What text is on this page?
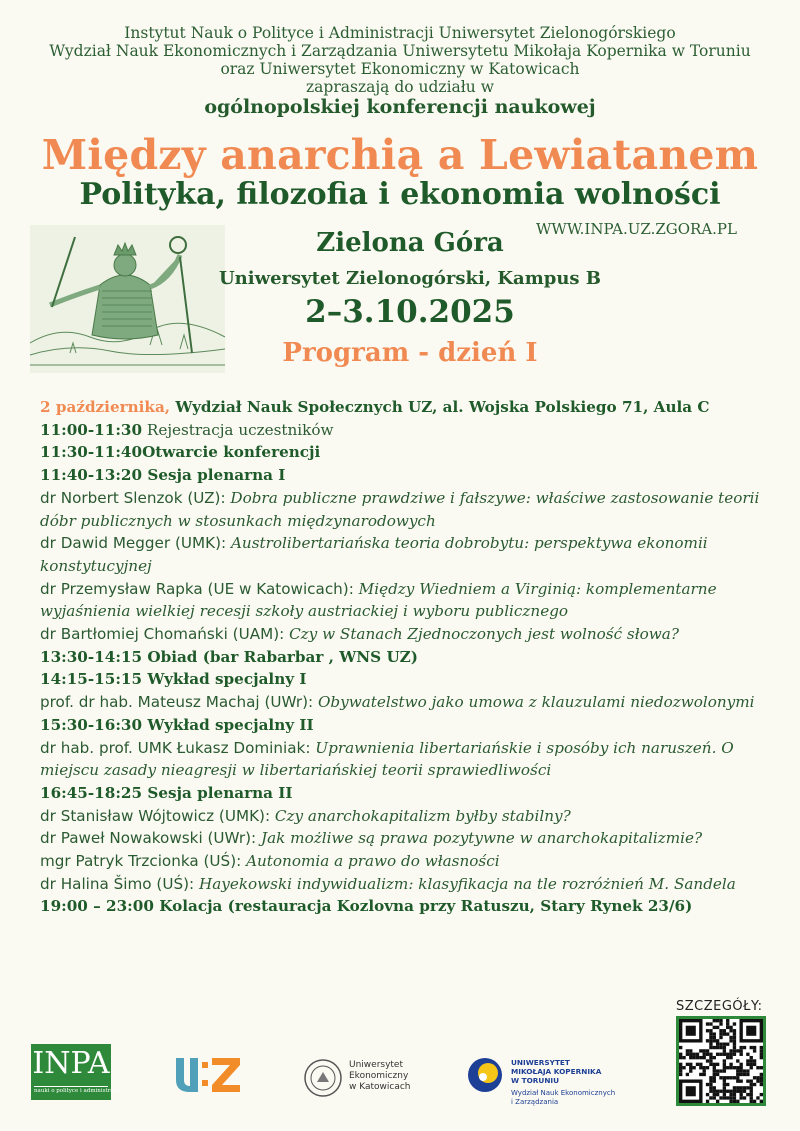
Instytut Nauk o Polityce i Administracji Uniwersytet Zielonogórskiego
Wydział Nauk Ekonomicznych i Zarządzania Uniwersytetu Mikołaja Kopernika w Toruniu
oraz Uniwersytet Ekonomiczny w Katowicach
zapraszają do udziału w
ogólnopolskiej konferencji naukowej
Między anarchią a Lewiatanem
Polityka, filozofia i ekonomia wolności
WWW.INPA.UZ.ZGORA.PL
Zielona Góra
Uniwersytet Zielonogórski, Kampus B
2–3.10.2025
Program - dzień I
2 października, Wydział Nauk Społecznych UZ, al. Wojska Polskiego 71, Aula C
11:00-11:30 Rejestracja uczestników
11:30-11:40Otwarcie konferencji
11:40-13:20 Sesja plenarna I
dr Norbert Slenzok (UZ): Dobra publiczne prawdziwe i fałszywe: właściwe zastosowanie teorii dóbr publicznych w stosunkach międzynarodowych
dr Dawid Megger (UMK): Austrolibertariańska teoria dobrobytu: perspektywa ekonomii konstytucyjnej
dr Przemysław Rapka (UE w Katowicach): Między Wiedniem a Virginią: komplementarne wyjaśnienia wielkiej recesji szkoły austriackiej i wyboru publicznego
dr Bartłomiej Chomański (UAM): Czy w Stanach Zjednoczonych jest wolność słowa?
13:30-14:15 Obiad (bar Rabarbar , WNS UZ)
14:15-15:15 Wykład specjalny I
prof. dr hab. Mateusz Machaj (UWr): Obywatelstwo jako umowa z klauzulami niedozwolonymi
15:30-16:30 Wykład specjalny II
dr hab. prof. UMK Łukasz Dominiak: Uprawnienia libertariańskie i sposóby ich naruszeń. O miejscu zasady nieagresji w libertariańskiej teorii sprawiedliwości
16:45-18:25 Sesja plenarna II
dr Stanisław Wójtowicz (UMK): Czy anarchokapitalizm byłby stabilny?
dr Paweł Nowakowski (UWr): Jak możliwe są prawa pozytywne w anarchokapitalizmie?
mgr Patryk Trzcionka (UŚ): Autonomia a prawo do własności
dr Halina Šimo (UŚ): Hayekowski indywidualizm: klasyfikacja na tle rozróżnień M. Sandela
19:00 – 23:00 Kolacja (restauracja Kozlovna przy Ratuszu, Stary Rynek 23/6)
INPA
nauki o polityce i administracji
Uniwersytet
Ekonomiczny
w Katowicach
UNIWERSYTET
MIKOŁAJA KOPERNIKA
W TORUNIU
Wydział Nauk Ekonomicznych
i Zarządzania
SZCZEGÓŁY:
